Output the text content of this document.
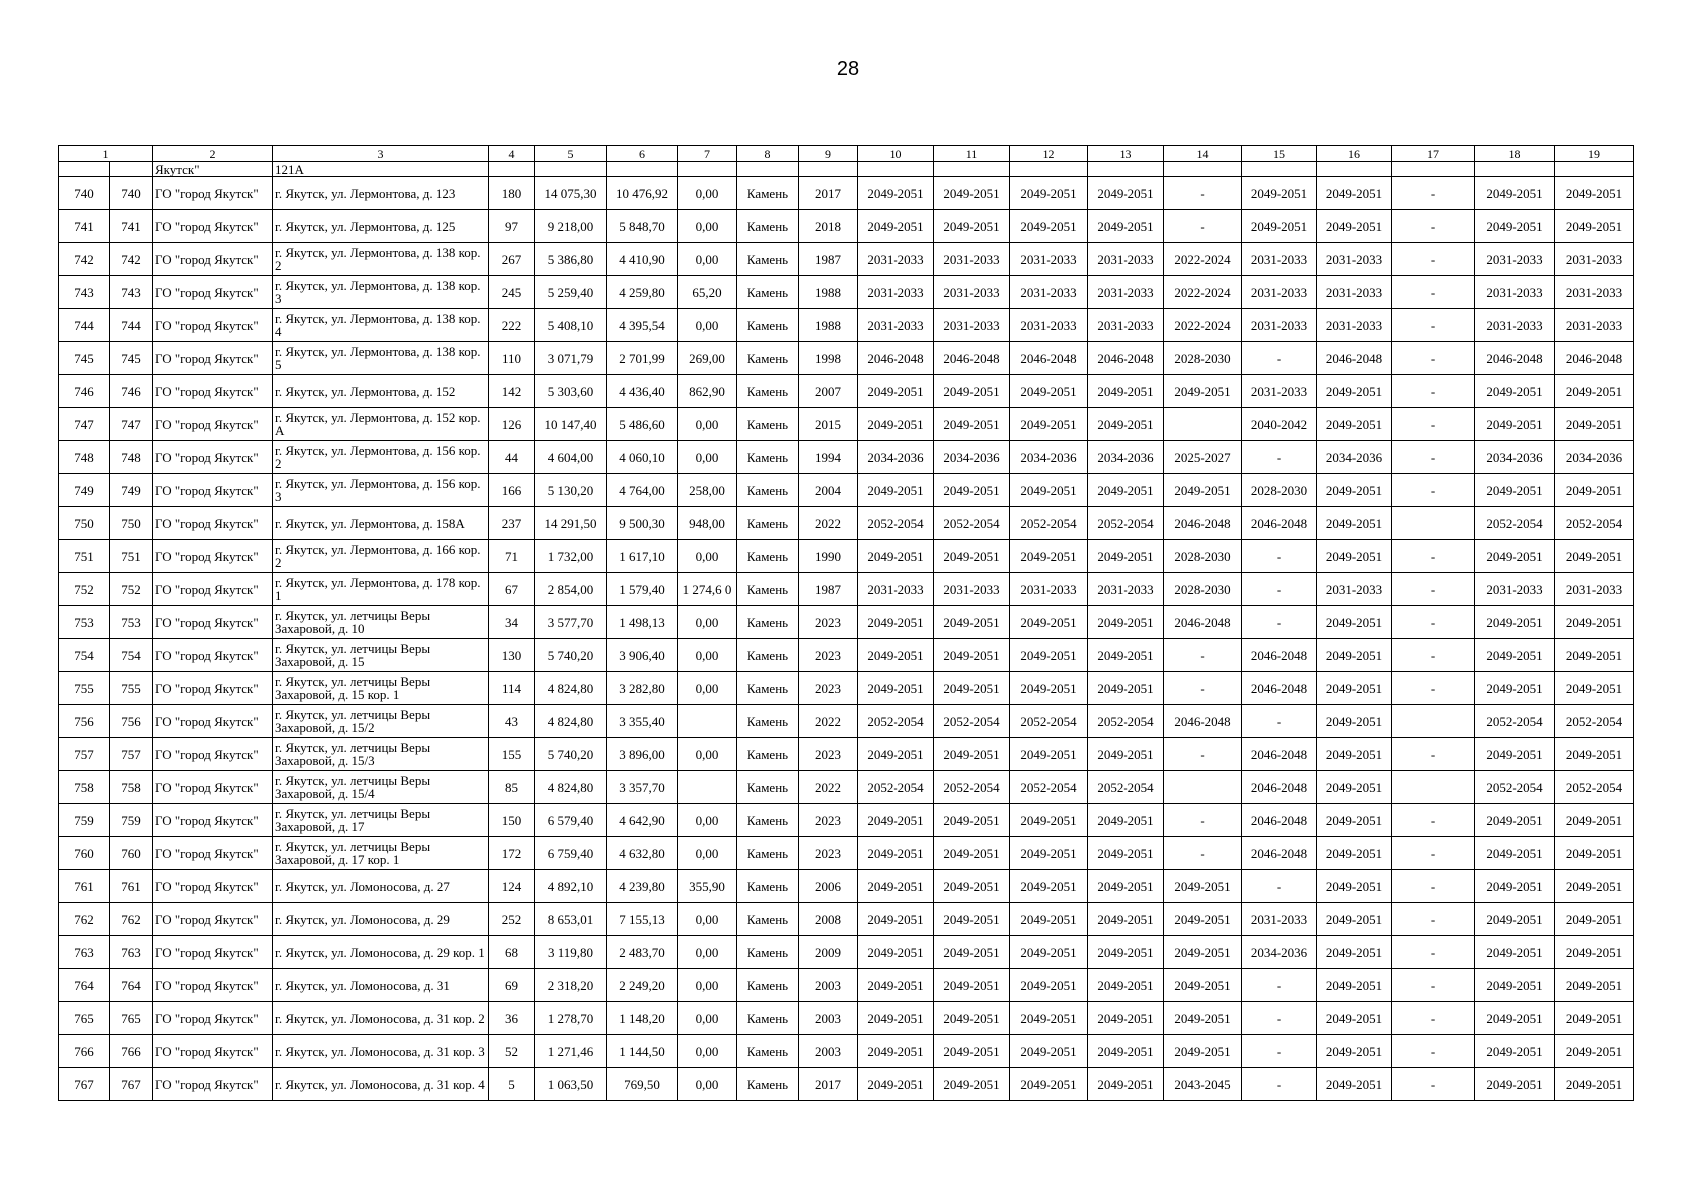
28
1		2	3	4	5	6	7	8	9	10	11	12	13	14	15	16	17	18	19
		Якутск"	121А																
740	740	ГО "город Якутск"	г. Якутск, ул. Лермонтова, д. 123	180	14 075,30	10 476,92	0,00	Камень	2017	2049-2051	2049-2051	2049-2051	2049-2051	-	2049-2051	2049-2051	-	2049-2051	2049-2051
741	741	ГО "город Якутск"	г. Якутск, ул. Лермонтова, д. 125	97	9 218,00	5 848,70	0,00	Камень	2018	2049-2051	2049-2051	2049-2051	2049-2051	-	2049-2051	2049-2051	-	2049-2051	2049-2051
742	742	ГО "город Якутск"	г. Якутск, ул. Лермонтова, д. 138 кор. 2	267	5 386,80	4 410,90	0,00	Камень	1987	2031-2033	2031-2033	2031-2033	2031-2033	2022-2024	2031-2033	2031-2033	-	2031-2033	2031-2033
743	743	ГО "город Якутск"	г. Якутск, ул. Лермонтова, д. 138 кор. 3	245	5 259,40	4 259,80	65,20	Камень	1988	2031-2033	2031-2033	2031-2033	2031-2033	2022-2024	2031-2033	2031-2033	-	2031-2033	2031-2033
744	744	ГО "город Якутск"	г. Якутск, ул. Лермонтова, д. 138 кор. 4	222	5 408,10	4 395,54	0,00	Камень	1988	2031-2033	2031-2033	2031-2033	2031-2033	2022-2024	2031-2033	2031-2033	-	2031-2033	2031-2033
745	745	ГО "город Якутск"	г. Якутск, ул. Лермонтова, д. 138 кор. 5	110	3 071,79	2 701,99	269,00	Камень	1998	2046-2048	2046-2048	2046-2048	2046-2048	2028-2030	-	2046-2048	-	2046-2048	2046-2048
746	746	ГО "город Якутск"	г. Якутск, ул. Лермонтова, д. 152	142	5 303,60	4 436,40	862,90	Камень	2007	2049-2051	2049-2051	2049-2051	2049-2051	2049-2051	2031-2033	2049-2051	-	2049-2051	2049-2051
747	747	ГО "город Якутск"	г. Якутск, ул. Лермонтова, д. 152 кор. А	126	10 147,40	5 486,60	0,00	Камень	2015	2049-2051	2049-2051	2049-2051	2049-2051		2040-2042	2049-2051	-	2049-2051	2049-2051
748	748	ГО "город Якутск"	г. Якутск, ул. Лермонтова, д. 156 кор. 2	44	4 604,00	4 060,10	0,00	Камень	1994	2034-2036	2034-2036	2034-2036	2034-2036	2025-2027	-	2034-2036	-	2034-2036	2034-2036
749	749	ГО "город Якутск"	г. Якутск, ул. Лермонтова, д. 156 кор. 3	166	5 130,20	4 764,00	258,00	Камень	2004	2049-2051	2049-2051	2049-2051	2049-2051	2049-2051	2028-2030	2049-2051	-	2049-2051	2049-2051
750	750	ГО "город Якутск"	г. Якутск, ул. Лермонтова, д. 158А	237	14 291,50	9 500,30	948,00	Камень	2022	2052-2054	2052-2054	2052-2054	2052-2054	2046-2048	2046-2048	2049-2051		2052-2054	2052-2054
751	751	ГО "город Якутск"	г. Якутск, ул. Лермонтова, д. 166 кор. 2	71	1 732,00	1 617,10	0,00	Камень	1990	2049-2051	2049-2051	2049-2051	2049-2051	2028-2030	-	2049-2051	-	2049-2051	2049-2051
752	752	ГО "город Якутск"	г. Якутск, ул. Лермонтова, д. 178 кор. 1	67	2 854,00	1 579,40	1 274,6 0	Камень	1987	2031-2033	2031-2033	2031-2033	2031-2033	2028-2030	-	2031-2033	-	2031-2033	2031-2033
753	753	ГО "город Якутск"	г. Якутск, ул. летчицы Веры Захаровой, д. 10	34	3 577,70	1 498,13	0,00	Камень	2023	2049-2051	2049-2051	2049-2051	2049-2051	2046-2048	-	2049-2051	-	2049-2051	2049-2051
754	754	ГО "город Якутск"	г. Якутск, ул. летчицы Веры Захаровой, д. 15	130	5 740,20	3 906,40	0,00	Камень	2023	2049-2051	2049-2051	2049-2051	2049-2051	-	2046-2048	2049-2051	-	2049-2051	2049-2051
755	755	ГО "город Якутск"	г. Якутск, ул. летчицы Веры Захаровой, д. 15 кор. 1	114	4 824,80	3 282,80	0,00	Камень	2023	2049-2051	2049-2051	2049-2051	2049-2051	-	2046-2048	2049-2051	-	2049-2051	2049-2051
756	756	ГО "город Якутск"	г. Якутск, ул. летчицы Веры Захаровой, д. 15/2	43	4 824,80	3 355,40		Камень	2022	2052-2054	2052-2054	2052-2054	2052-2054	2046-2048	-	2049-2051		2052-2054	2052-2054
757	757	ГО "город Якутск"	г. Якутск, ул. летчицы Веры Захаровой, д. 15/3	155	5 740,20	3 896,00	0,00	Камень	2023	2049-2051	2049-2051	2049-2051	2049-2051	-	2046-2048	2049-2051	-	2049-2051	2049-2051
758	758	ГО "город Якутск"	г. Якутск, ул. летчицы Веры Захаровой, д. 15/4	85	4 824,80	3 357,70		Камень	2022	2052-2054	2052-2054	2052-2054	2052-2054		2046-2048	2049-2051		2052-2054	2052-2054
759	759	ГО "город Якутск"	г. Якутск, ул. летчицы Веры Захаровой, д. 17	150	6 579,40	4 642,90	0,00	Камень	2023	2049-2051	2049-2051	2049-2051	2049-2051	-	2046-2048	2049-2051	-	2049-2051	2049-2051
760	760	ГО "город Якутск"	г. Якутск, ул. летчицы Веры Захаровой, д. 17 кор. 1	172	6 759,40	4 632,80	0,00	Камень	2023	2049-2051	2049-2051	2049-2051	2049-2051	-	2046-2048	2049-2051	-	2049-2051	2049-2051
761	761	ГО "город Якутск"	г. Якутск, ул. Ломоносова, д. 27	124	4 892,10	4 239,80	355,90	Камень	2006	2049-2051	2049-2051	2049-2051	2049-2051	2049-2051	-	2049-2051	-	2049-2051	2049-2051
762	762	ГО "город Якутск"	г. Якутск, ул. Ломоносова, д. 29	252	8 653,01	7 155,13	0,00	Камень	2008	2049-2051	2049-2051	2049-2051	2049-2051	2049-2051	2031-2033	2049-2051	-	2049-2051	2049-2051
763	763	ГО "город Якутск"	г. Якутск, ул. Ломоносова, д. 29 кор. 1	68	3 119,80	2 483,70	0,00	Камень	2009	2049-2051	2049-2051	2049-2051	2049-2051	2049-2051	2034-2036	2049-2051	-	2049-2051	2049-2051
764	764	ГО "город Якутск"	г. Якутск, ул. Ломоносова, д. 31	69	2 318,20	2 249,20	0,00	Камень	2003	2049-2051	2049-2051	2049-2051	2049-2051	2049-2051	-	2049-2051	-	2049-2051	2049-2051
765	765	ГО "город Якутск"	г. Якутск, ул. Ломоносова, д. 31 кор. 2	36	1 278,70	1 148,20	0,00	Камень	2003	2049-2051	2049-2051	2049-2051	2049-2051	2049-2051	-	2049-2051	-	2049-2051	2049-2051
766	766	ГО "город Якутск"	г. Якутск, ул. Ломоносова, д. 31 кор. 3	52	1 271,46	1 144,50	0,00	Камень	2003	2049-2051	2049-2051	2049-2051	2049-2051	2049-2051	-	2049-2051	-	2049-2051	2049-2051
767	767	ГО "город Якутск"	г. Якутск, ул. Ломоносова, д. 31 кор. 4	5	1 063,50	769,50	0,00	Камень	2017	2049-2051	2049-2051	2049-2051	2049-2051	2043-2045	-	2049-2051	-	2049-2051	2049-2051
